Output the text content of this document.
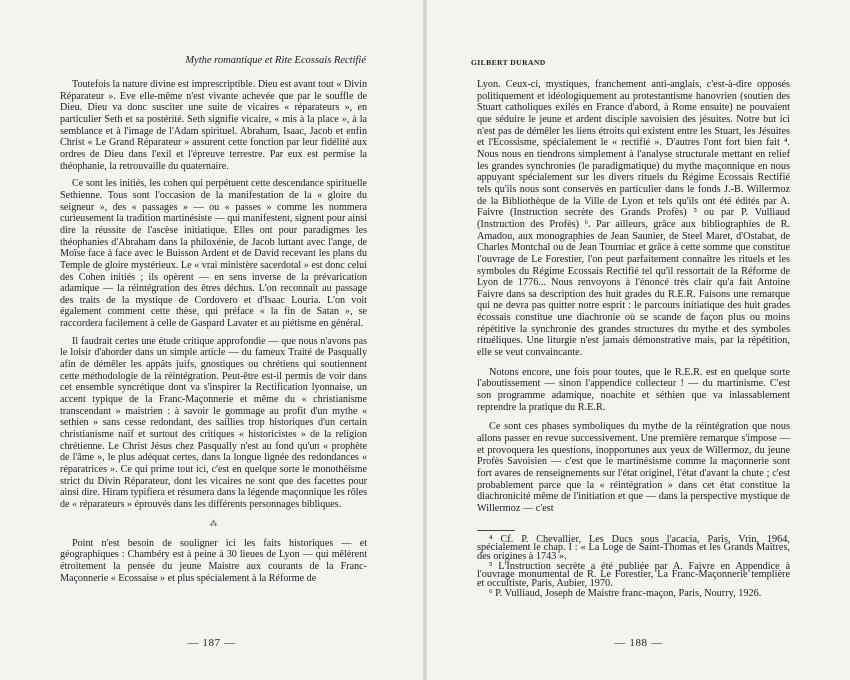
Mythe romantique et Rite Ecossais Rectifié

Toutefois la nature divine est imprescriptible. Dieu est avant tout « Divin Réparateur ». Eve elle-même n'est vivante achevée que par le souffle de Dieu. Dieu va donc susciter une suite de vicaires « réparateurs », en particulier Seth et sa postérité. Seth signifie vicaire, « mis à la place », à la semblance et à l'image de l'Adam spirituel. Abraham, Isaac, Jacob et enfin Christ « Le Grand Réparateur » assurent cette fonction par leur fidélité aux ordres de Dieu dans l'exil et l'épreuve terrestre. Par eux est permise la théophanie, la retrouvaille du quaternaire.

Ce sont les initiés, les cohen qui perpétuent cette descendance spirituelle Sethienne. Tous sont l'occasion de la manifestation de la « gloire du seigneur », des « passages » — ou « passes » comme les nommera curieusement la tradition martinésiste — qui manifestent, signent pour ainsi dire la réussite de l'ascèse initiatique. Elles ont pour paradigmes les théophanies d'Abraham dans la philoxénie, de Jacob luttant avec l'ange, de Moïse face à face avec le Buisson Ardent et de David recevant les plans du Temple de gloire mystérieux. Le « vrai ministère sacerdotal » est donc celui des Cohen initiés ; ils opèrent — en sens inverse de la prévarication adamique — la réintégration des êtres déchus. L'on reconnaît au passage des traits de la mystique de Cordovero et d'Isaac Louria. L'on voit également comment cette thèse, qui préface « la fin de Satan », se raccordera facilement à celle de Gaspard Lavater et au piétisme en général.

Il faudrait certes une étude critique approfondie — que nous n'avons pas le loisir d'aborder dans un simple article — du fameux Traité de Pasqually afin de démêler les appâts juifs, gnostiques ou chrétiens qui soutiennent cette méthodologie de la réintégration. Peut-être est-il permis de voir dans cet ensemble syncrétique dont va s'inspirer la Rectification lyonnaise, un accent typique de la Franc-Maçonnerie et même du « christianisme transcendant » maistrien : à savoir le gommage au profit d'un mythe « sethien » sans cesse redondant, des saillies trop historiques d'un certain christianisme naïf et surtout des critiques « historicistes » de la religion chrétienne. Le Christ Jésus chez Pasqually n'est au fond qu'un « prophète de l'âme », le plus adéquat certes, dans la longue lignée des redondances « réparatrices ». Ce qui prime tout ici, c'est en quelque sorte le monothéisme strict du Divin Réparateur, dont les vicaires ne sont que des facettes pour ainsi dire. Hiram typifiera et résumera dans la légende maçonnique les rôles de « réparateurs » éprouvés dans les différents personnages bibliques.

⁂

Point n'est besoin de souligner ici les faits historiques — et géographiques : Chambéry est à peine à 30 lieues de Lyon — qui mêlèrent étroitement la pensée du jeune Maistre aux courants de la Franc-Maçonnerie « Ecossaise » et plus spécialement à la Réforme de

— 187 —
GILBERT DURAND

Lyon. Ceux-ci, mystiques, franchement anti-anglais, c'est-à-dire opposés politiquement et idéologiquement au protestantisme hanovrien (soutien des Stuart catholiques exilés en France d'abord, à Rome ensuite) ne pouvaient que séduire le jeune et ardent disciple savoisien des jésuites. Notre but ici n'est pas de démêler les liens étroits qui existent entre les Stuart, les Jésuites et l'Ecossisme, spécialement le « rectifié ». D'autres l'ont fort bien fait ⁴. Nous nous en tiendrons simplement à l'analyse structurale mettant en relief les grandes synchronies (le paradigmatique) du mythe maçonnique en nous appuyant spécialement sur les divers rituels du Régime Ecossais Rectifié tels qu'ils nous sont conservés en particulier dans le fonds J.-B. Willermoz de la Bibliothèque de la Ville de Lyon et tels qu'ils ont été édités par A. Faivre (Instruction secrète des Grands Profès) ⁵ ou par P. Vulliaud (Instruction des Profès) ⁶. Par ailleurs, grâce aux bibliographies de R. Amadou, aux monographies de Jean Saunier, de Steel Maret, d'Ostabat, de Charles Montchal ou de Jean Tourniac et grâce à cette somme que constitue l'ouvrage de Le Forestier, l'on peut parfaitement connaître les rituels et les symboles du Régime Ecossais Rectifié tel qu'il ressortait de la Réforme de Lyon de 1776... Nous renvoyons à l'énoncé très clair qu'a fait Antoine Faivre dans sa description des huit grades du R.E.R. Faisons une remarque qui ne devra pas quitter notre esprit : le parcours initiatique des huit grades écossais constitue une diachronie où se scande de façon plus ou moins répétitive la synchronie des grandes structures du mythe et des symboles rituéliques. Une liturgie n'est jamais démonstrative mais, par la répétition, elle se veut convaincante.

Notons encore, une fois pour toutes, que le R.E.R. est en quelque sorte l'aboutissement — sinon l'appendice collecteur ! — du martinisme. C'est son programme adamique, noachite et séthien que va inlassablement reprendre la pratique du R.E.R.

Ce sont ces phases symboliques du mythe de la réintégration que nous allons passer en revue successivement. Une première remarque s'impose — et provoquera les questions, inopportunes aux yeux de Willermoz, du jeune Profès Savoisien — c'est que le martinésisme comme la maçonnerie sont fort avares de renseignements sur l'état originel, l'état d'avant la chute ; c'est probablement parce que la « réintégration » dans cet état constitue la diachronicité même de l'initiation et que — dans la perspective mystique de Willermoz — c'est

⁴ Cf. P. Chevallier, Les Ducs sous l'acacia, Paris, Vrin, 1964, spécialement le chap. I : « La Loge de Saint-Thomas et les Grands Maîtres, des origines à 1743 ».

⁵ L'Instruction secrète a été publiée par A. Faivre en Appendice à l'ouvrage monumental de R. Le Forestier, La Franc-Maçonnerie templière et occultiste, Paris, Aubier, 1970.

⁶ P. Vulliaud, Joseph de Maistre franc-maçon, Paris, Nourry, 1926.

— 188 —
